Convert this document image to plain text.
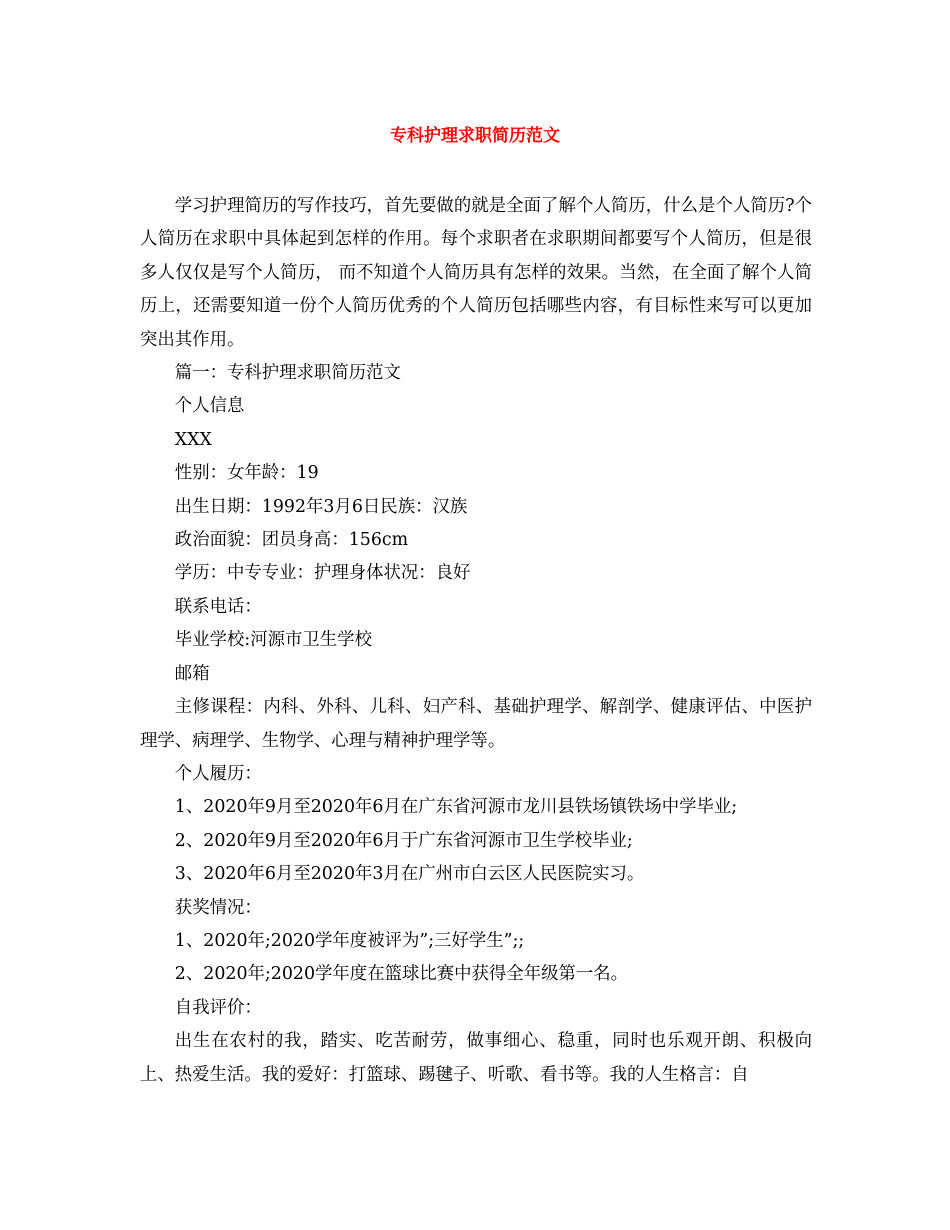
专科护理求职简历范文

学习护理简历的写作技巧，首先要做的就是全面了解个人简历，什么是个人简历?个人简历在求职中具体起到怎样的作用。每个求职者在求职期间都要写个人简历，但是很多人仅仅是写个人简历， 而不知道个人简历具有怎样的效果。当然，在全面了解个人简历上，还需要知道一份个人简历优秀的个人简历包括哪些内容，有目标性来写可以更加突出其作用。

篇一：专科护理求职简历范文

个人信息

XXX

性别：女年龄：19

出生日期：1992年3月6日民族：汉族

政治面貌：团员身高：156cm

学历：中专专业：护理身体状况：良好

联系电话：

毕业学校:河源市卫生学校

邮箱

主修课程：内科、外科、儿科、妇产科、基础护理学、解剖学、健康评估、中医护理学、病理学、生物学、心理与精神护理学等。

个人履历：

1、2020年9月至2020年6月在广东省河源市龙川县铁场镇铁场中学毕业;

2、2020年9月至2020年6月于广东省河源市卫生学校毕业;

3、2020年6月至2020年3月在广州市白云区人民医院实习。

获奖情况：

1、2020年;2020学年度被评为”;三好学生”;;

2、2020年;2020学年度在篮球比赛中获得全年级第一名。

自我评价：

出生在农村的我，踏实、吃苦耐劳，做事细心、稳重，同时也乐观开朗、积极向上、热爱生活。我的爱好：打篮球、踢毽子、听歌、看书等。我的人生格言：自
